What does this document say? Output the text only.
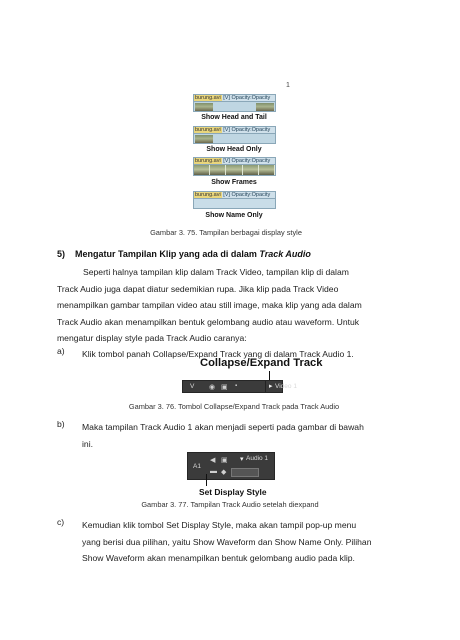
1
burung.avi [V] Opacity:Opacity
Show Head and Tail
burung.avi [V] Opacity:Opacity
Show Head Only
burung.avi [V] Opacity:Opacity
Show Frames
burung.avi [V] Opacity:Opacity
Show Name Only
Gambar 3. 75. Tampilan berbagai display style
5) Mengatur Tampilan Klip yang ada di dalam Track Audio
Seperti halnya tampilan klip dalam Track Video, tampilan klip di dalam
Track Audio juga dapat diatur sedemikian rupa. Jika klip pada Track Video
menampilkan gambar tampilan video atau still image, maka klip yang ada dalam
Track Audio akan menampilkan bentuk gelombang audio atau waveform. Untuk
mengatur display style pada Track Audio caranya:
a) Klik tombol panah Collapse/Expand Track yang di dalam Track Audio 1.
Collapse/Expand Track
V ◉ ▣ ▪	▸ Video 1
Gambar 3. 76. Tombol Collapse/Expand Track pada Track Audio
b) Maka tampilan Track Audio 1 akan menjadi seperti pada gambar di bawah
ini.
A1
◀ ▣
▬ ◆
▾ Audio 1
Set Display Style
Gambar 3. 77. Tampilan Track Audio setelah diexpand
c) Kemudian klik tombol Set Display Style, maka akan tampil pop-up menu
yang berisi dua pilihan, yaitu Show Waveform dan Show Name Only. Pilihan
Show Waveform akan menampilkan bentuk gelombang audio pada klip.
